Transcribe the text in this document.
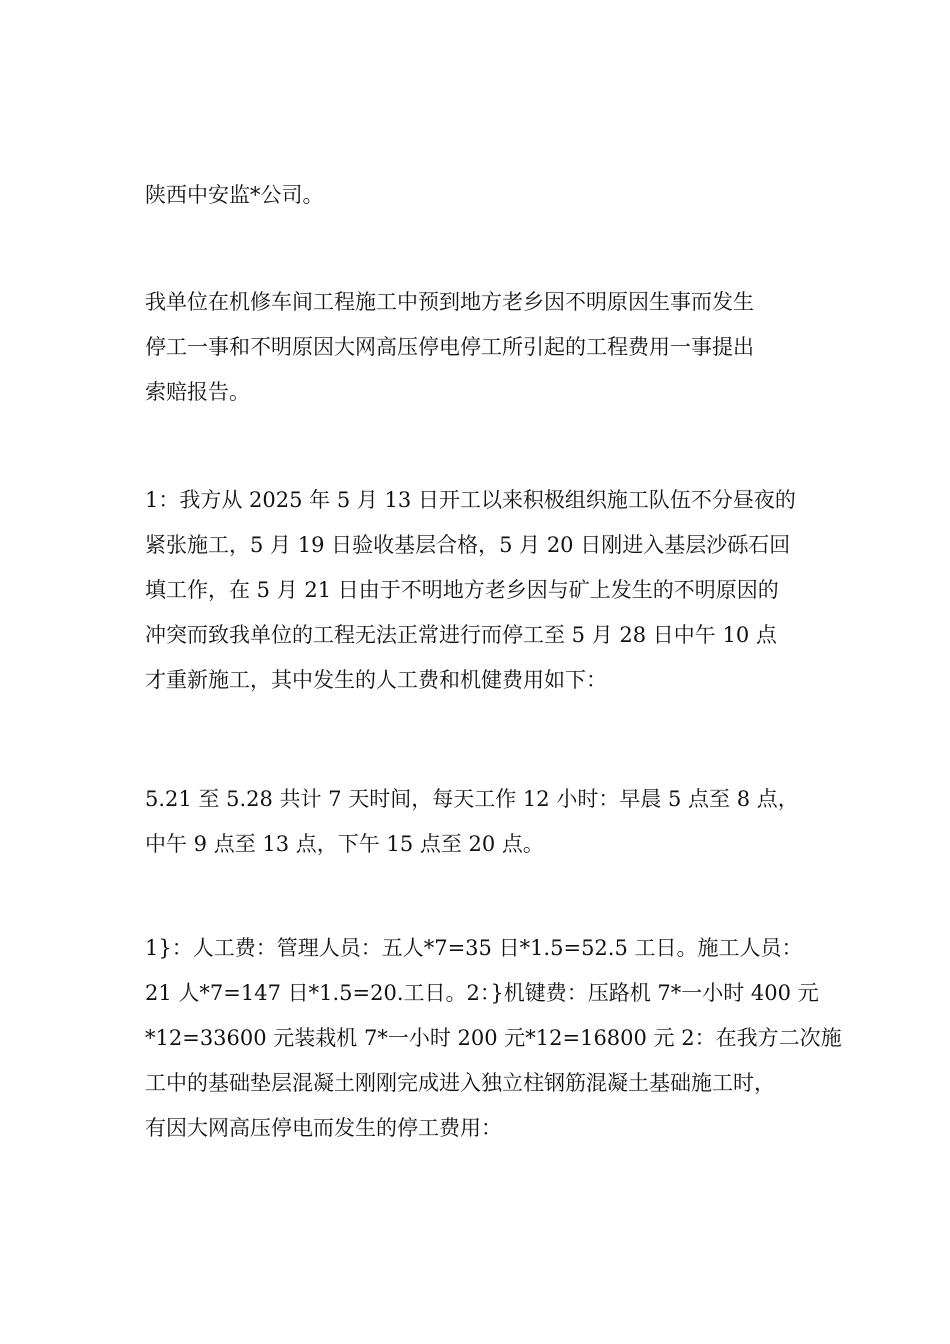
陕西中安监*公司。

我单位在机修车间工程施工中预到地方老乡因不明原因生事而发生
停工一事和不明原因大网高压停电停工所引起的工程费用一事提出
索赔报告。

1：我方从 2025 年 5 月 13 日开工以来积极组织施工队伍不分昼夜的
紧张施工，5 月 19 日验收基层合格，5 月 20 日刚进入基层沙砾石回
填工作，在 5 月 21 日由于不明地方老乡因与矿上发生的不明原因的
冲突而致我单位的工程无法正常进行而停工至 5 月 28 日中午 10 点
才重新施工，其中发生的人工费和机健费用如下：

5.21 至 5.28 共计 7 天时间，每天工作 12 小时：早晨 5 点至 8 点，
中午 9 点至 13 点，下午 15 点至 20 点。

1}：人工费：管理人员：五人*7=35 日*1.5=52.5 工日。施工人员：
21 人*7=147 日*1.5=20.工日。2：}机键费：压路机 7*一小时 400 元
*12=33600 元装栽机 7*一小时 200 元*12=16800 元 2：在我方二次施
工中的基础垫层混凝土刚刚完成进入独立柱钢筋混凝土基础施工时，
有因大网高压停电而发生的停工费用：
